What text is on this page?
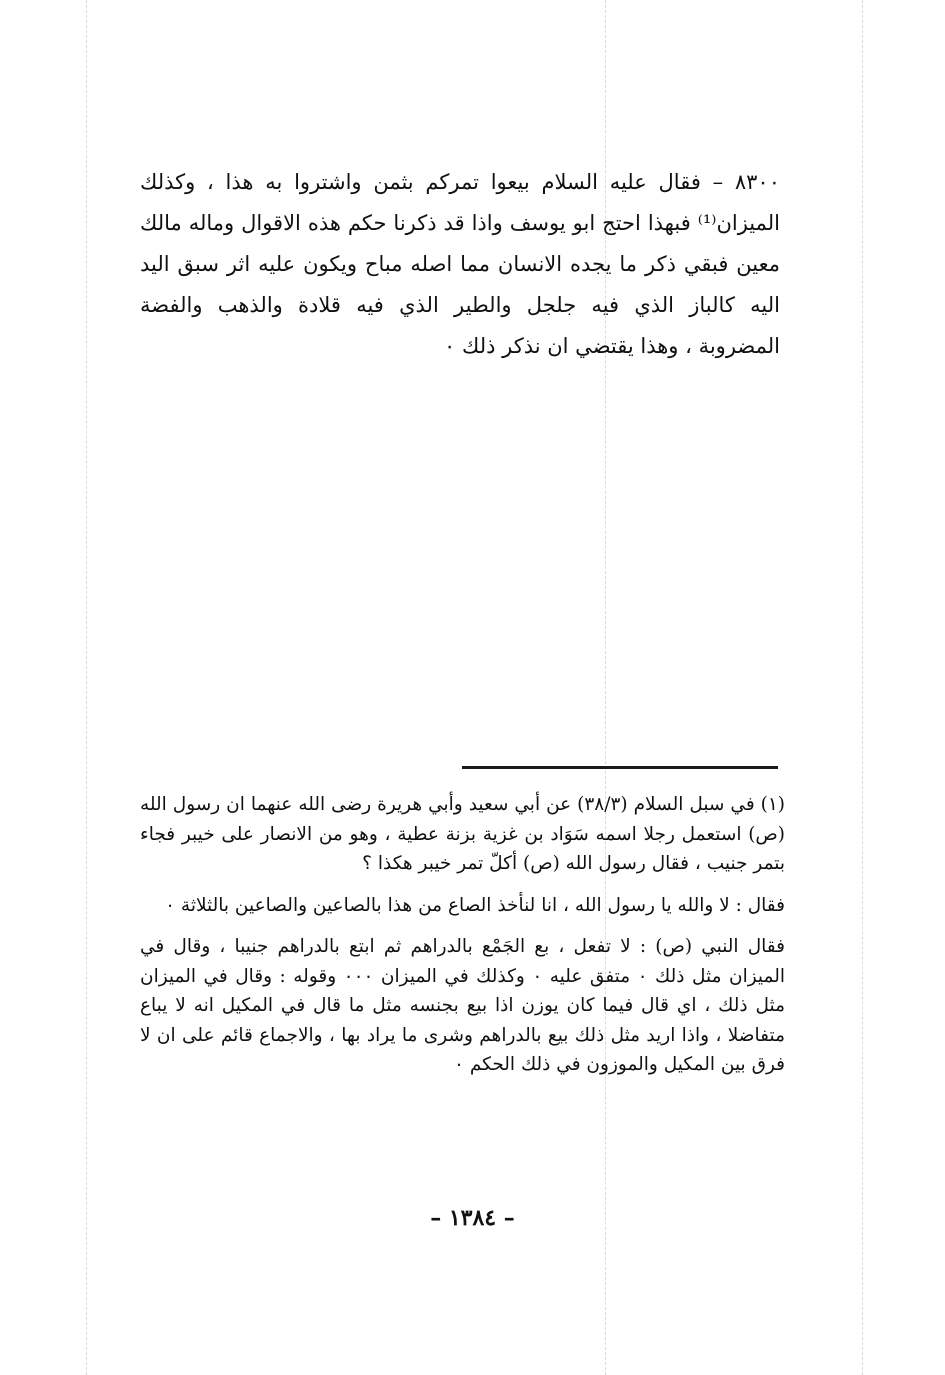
٨٣٠٠ – فقال عليه السلام بيعوا تمركم بثمن واشتروا به هذا ، وكذلك الميزان⁽¹⁾ فبهذا احتج ابو يوسف واذا قد ذكرنا حكم هذه الاقوال وماله مالك معين فبقي ذكر ما يجده الانسان مما اصله مباح ويكون عليه اثر سبق اليد اليه كالباز الذي فيه جلجل والطير الذي فيه قلادة والذهب والفضة المضروبة ، وهذا يقتضي ان نذكر ذلك ٠

(١) في سبل السلام (٣٨/٣) عن أبي سعيد وأبي هريرة رضى الله عنهما ان رسول الله (ص) استعمل رجلا اسمه سَوَاد بن غزية بزنة عطية ، وهو من الانصار على خيبر فجاء بتمر جنيب ، فقال رسول الله (ص) أكلّ تمر خيبر هكذا ؟

فقال : لا والله يا رسول الله ، انا لنأخذ الصاع من هذا بالصاعين والصاعين بالثلاثة ٠

فقال النبي (ص) : لا تفعل ، بع الجَمْع بالدراهم ثم ابتع بالدراهم جنيبا ، وقال في الميزان مثل ذلك ٠ متفق عليه ٠ وكذلك في الميزان ٠٠٠ وقوله : وقال في الميزان مثل ذلك ، اي قال فيما كان يوزن اذا بيع بجنسه مثل ما قال في المكيل انه لا يباع متفاضلا ، واذا اريد مثل ذلك بيع بالدراهم وشرى ما يراد بها ، والاجماع قائم على ان لا فرق بين المكيل والموزون في ذلك الحكم ٠

– ١٣٨٤ –
